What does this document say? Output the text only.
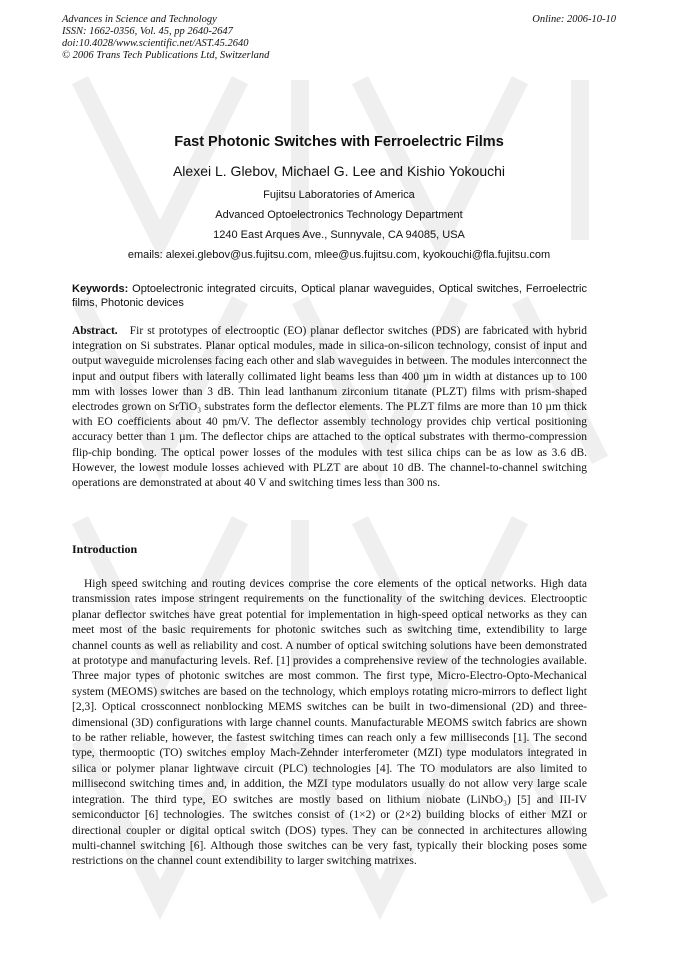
Advances in Science and Technology
ISSN: 1662-0356, Vol. 45, pp 2640-2647
doi:10.4028/www.scientific.net/AST.45.2640
© 2006 Trans Tech Publications Ltd, Switzerland
Online: 2006-10-10
Fast Photonic Switches with Ferroelectric Films
Alexei L. Glebov, Michael G. Lee and Kishio Yokouchi
Fujitsu Laboratories of America
Advanced Optoelectronics Technology Department
1240 East Arques Ave., Sunnyvale, CA 94085, USA
emails: alexei.glebov@us.fujitsu.com, mlee@us.fujitsu.com, kyokouchi@fla.fujitsu.com
Keywords: Optoelectronic integrated circuits, Optical planar waveguides, Optical switches, Ferroelectric films, Photonic devices
Abstract. Fir st prototypes of electrooptic (EO) planar deflector switches (PDS) are fabricated with hybrid integration on Si substrates. Planar optical modules, made in silica-on-silicon technology, consist of input and output waveguide microlenses facing each other and slab waveguides in between. The modules interconnect the input and output fibers with laterally collimated light beams less than 400 µm in width at distances up to 100 mm with losses lower than 3 dB. Thin lead lanthanum zirconium titanate (PLZT) films with prism-shaped electrodes grown on SrTiO₃ substrates form the deflector elements. The PLZT films are more than 10 µm thick with EO coefficients about 40 pm/V. The deflector assembly technology provides chip vertical positioning accuracy better than 1 µm. The deflector chips are attached to the optical substrates with thermo-compression flip-chip bonding. The optical power losses of the modules with test silica chips can be as low as 3.6 dB. However, the lowest module losses achieved with PLZT are about 10 dB. The channel-to-channel switching operations are demonstrated at about 40 V and switching times less than 300 ns.
Introduction
High speed switching and routing devices comprise the core elements of the optical networks. High data transmission rates impose stringent requirements on the functionality of the switching devices. Electrooptic planar deflector switches have great potential for implementation in high-speed optical networks as they can meet most of the basic requirements for photonic switches such as switching time, extendibility to large channel counts as well as reliability and cost. A number of optical switching solutions have been demonstrated at prototype and manufacturing levels. Ref. [1] provides a comprehensive review of the technologies available. Three major types of photonic switches are most common. The first type, Micro-Electro-Opto-Mechanical system (MEOMS) switches are based on the technology, which employs rotating micro-mirrors to deflect light [2,3]. Optical crossconnect nonblocking MEMS switches can be built in two-dimensional (2D) and three-dimensional (3D) configurations with large channel counts. Manufacturable MEOMS switch fabrics are shown to be rather reliable, however, the fastest switching times can reach only a few milliseconds [1]. The second type, thermooptic (TO) switches employ Mach-Zehnder interferometer (MZI) type modulators integrated in silica or polymer planar lightwave circuit (PLC) technologies [4]. The TO modulators are also limited to millisecond switching times and, in addition, the MZI type modulators usually do not allow very large scale integration. The third type, EO switches are mostly based on lithium niobate (LiNbO₃) [5] and III-IV semiconductor [6] technologies. The switches consist of (1×2) or (2×2) building blocks of either MZI or directional coupler or digital optical switch (DOS) types. They can be connected in architectures allowing multi-channel switching [6]. Although those switches can be very fast, typically their blocking poses some restrictions on the channel count extendibility to larger switching matrixes.
